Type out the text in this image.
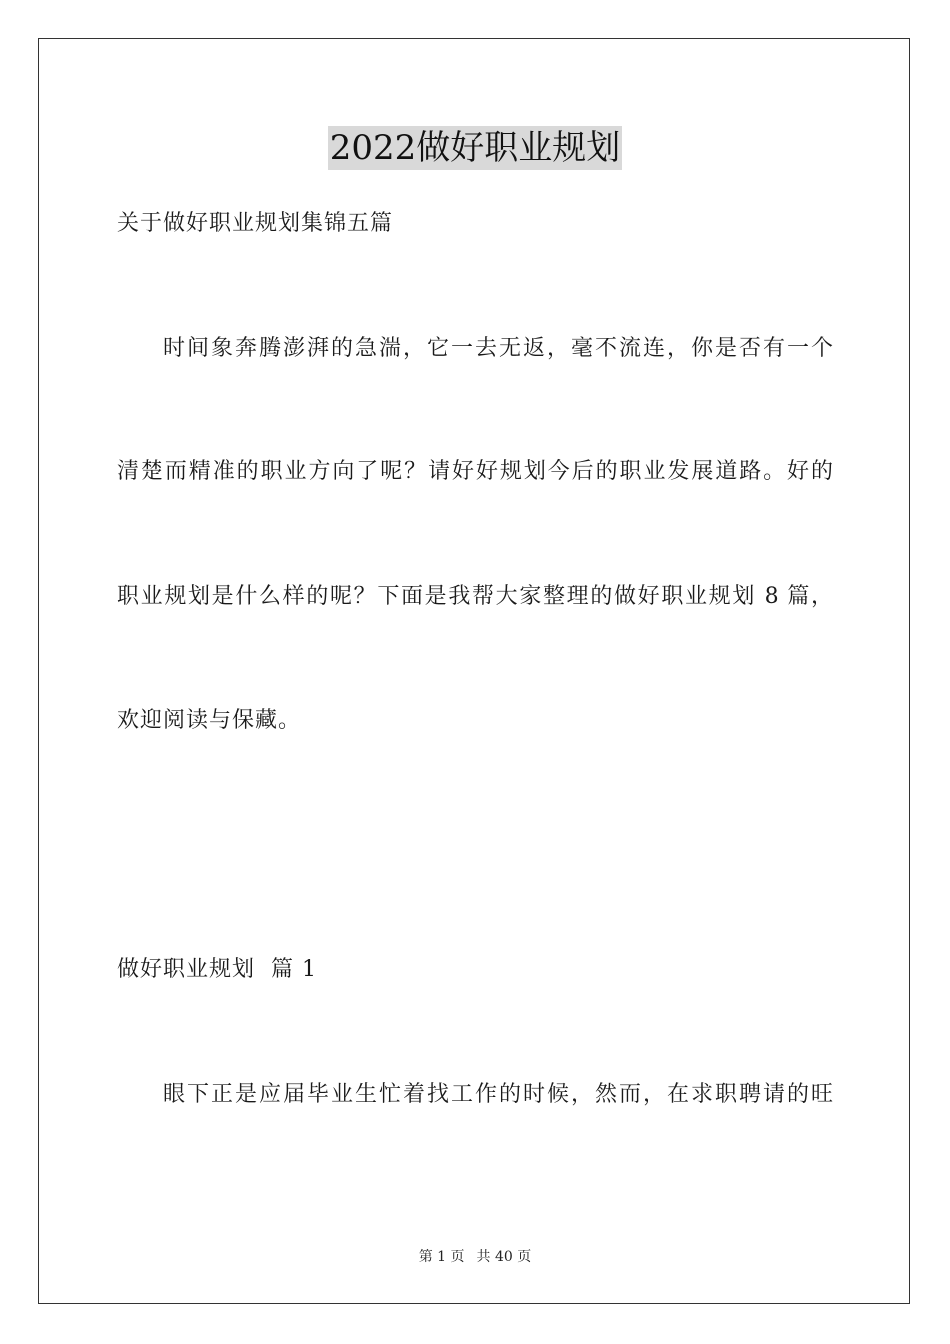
2022做好职业规划
关于做好职业规划集锦五篇
时间象奔腾澎湃的急湍，它一去无返，毫不流连，你是否有一个
清楚而精准的职业方向了呢？请好好规划今后的职业发展道路。好的
职业规划是什么样的呢？下面是我帮大家整理的做好职业规划 8 篇，
欢迎阅读与保藏。
做好职业规划  篇 1
眼下正是应届毕业生忙着找工作的时候，然而，在求职聘请的旺
第 1 页 共 40 页
